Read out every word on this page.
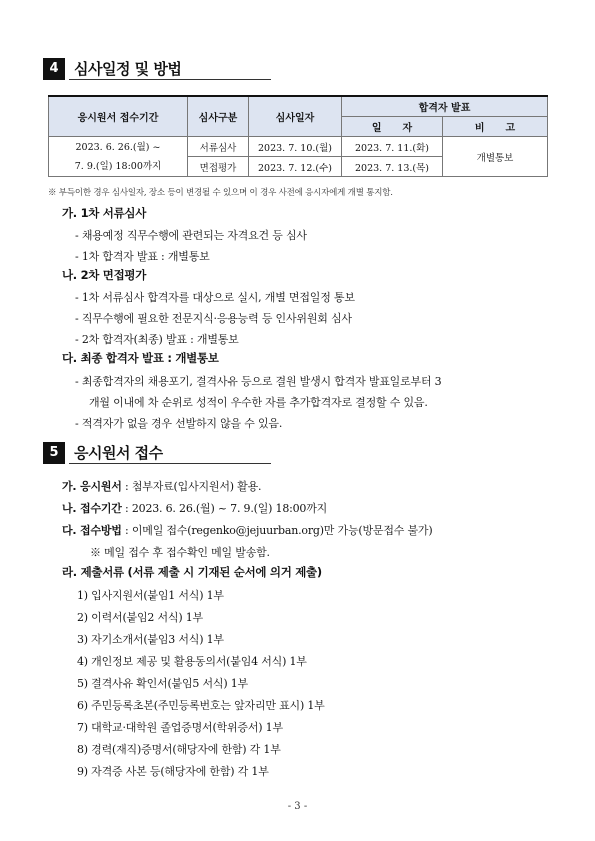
4	심사일정 및 방법
응시원서 접수기간	심사구분	심사일자	합격자 발표	
			일      자	비      고

2023. 6. 26.(월) ~
7. 9.(일) 18:00까지	서류심사	2023. 7. 10.(월)	2023. 7. 11.(화)	개별통보
	면접평가	2023. 7. 12.(수)	2023. 7. 13.(목)	
※ 부득이한 경우 심사일자, 장소 등이 변경될 수 있으며 이 경우 사전에 응시자에게 개별 통지함.
가. 1차 서류심사
- 채용예정 직무수행에 관련되는 자격요건 등 심사
- 1차 합격자 발표 : 개별통보
나. 2차 면접평가
- 1차 서류심사 합격자를 대상으로 실시, 개별 면접일정 통보
- 직무수행에 필요한 전문지식·응용능력 등 인사위원회 심사
- 2차 합격자(최종) 발표 : 개별통보
다. 최종 합격자 발표 : 개별통보
- 최종합격자의 채용포기, 결격사유 등으로 결원 발생시 합격자 발표일로부터 3
개월 이내에 차 순위로 성적이 우수한 자를 추가합격자로 결정할 수 있음.
- 적격자가 없을 경우 선발하지 않을 수 있음.
5	응시원서 접수
가. 응시원서 : 첨부자료(입사지원서) 활용.
나. 접수기간 : 2023. 6. 26.(월) ~ 7. 9.(일) 18:00까지
다. 접수방법 : 이메일 접수(regenko@jejuurban.org)만 가능(방문접수 불가)
※ 메일 접수 후 접수확인 메일 발송함.
라. 제출서류 (서류 제출 시 기재된 순서에 의거 제출)
1) 입사지원서(붙임1 서식) 1부
2) 이력서(붙임2 서식) 1부
3) 자기소개서(붙임3 서식) 1부
4) 개인정보 제공 및 활용동의서(붙임4 서식) 1부
5) 결격사유 확인서(붙임5 서식) 1부
6) 주민등록초본(주민등록번호는 앞자리만 표시) 1부
7) 대학교·대학원 졸업증명서(학위증서) 1부
8) 경력(재직)증명서(해당자에 한함) 각 1부
9) 자격증 사본 등(해당자에 한함) 각 1부
- 3 -
